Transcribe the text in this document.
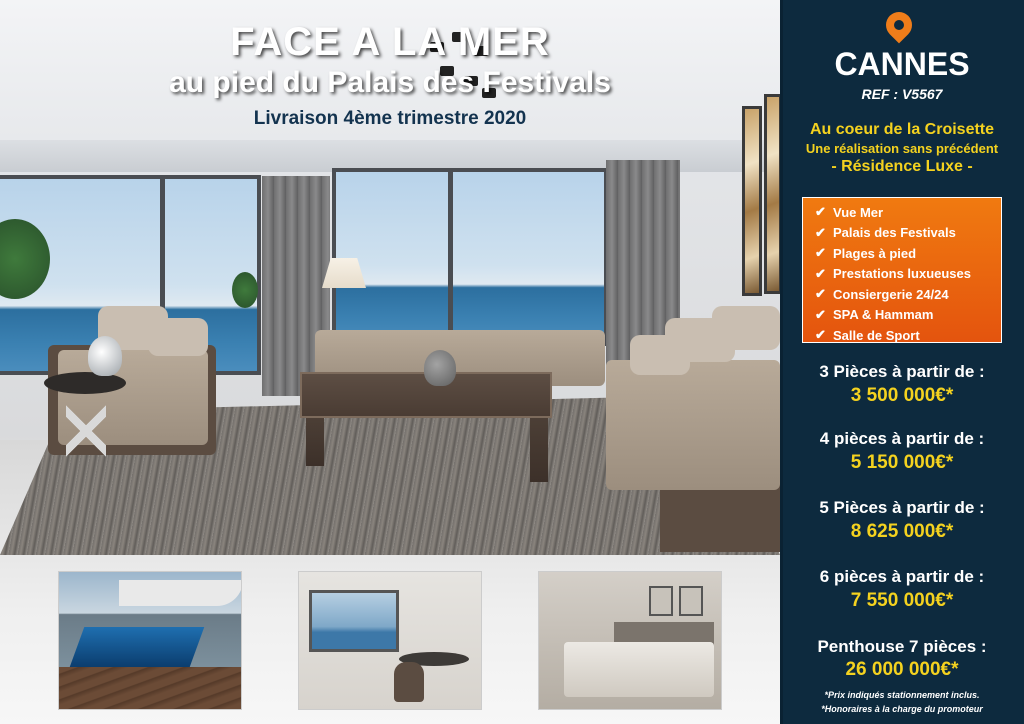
FACE A LA MER
au pied du Palais des Festivals
Livraison 4ème trimestre 2020
CANNES
REF : V5567
Au coeur de la Croisette
Une réalisation sans précédent
- Résidence Luxe -
✔ Vue Mer
✔ Palais des Festivals
✔ Plages à pied
✔ Prestations luxueuses
✔ Consiergerie 24/24
✔ SPA & Hammam
✔ Salle de Sport
3 Pièces à partir de :
3 500 000€*
4 pièces à partir de :
5 150 000€*
5 Pièces à partir de :
8 625 000€*
6 pièces à partir de :
7 550 000€*
Penthouse 7 pièces :
26 000 000€*
*Prix indiqués stationnement inclus.
*Honoraires à la charge du promoteur
